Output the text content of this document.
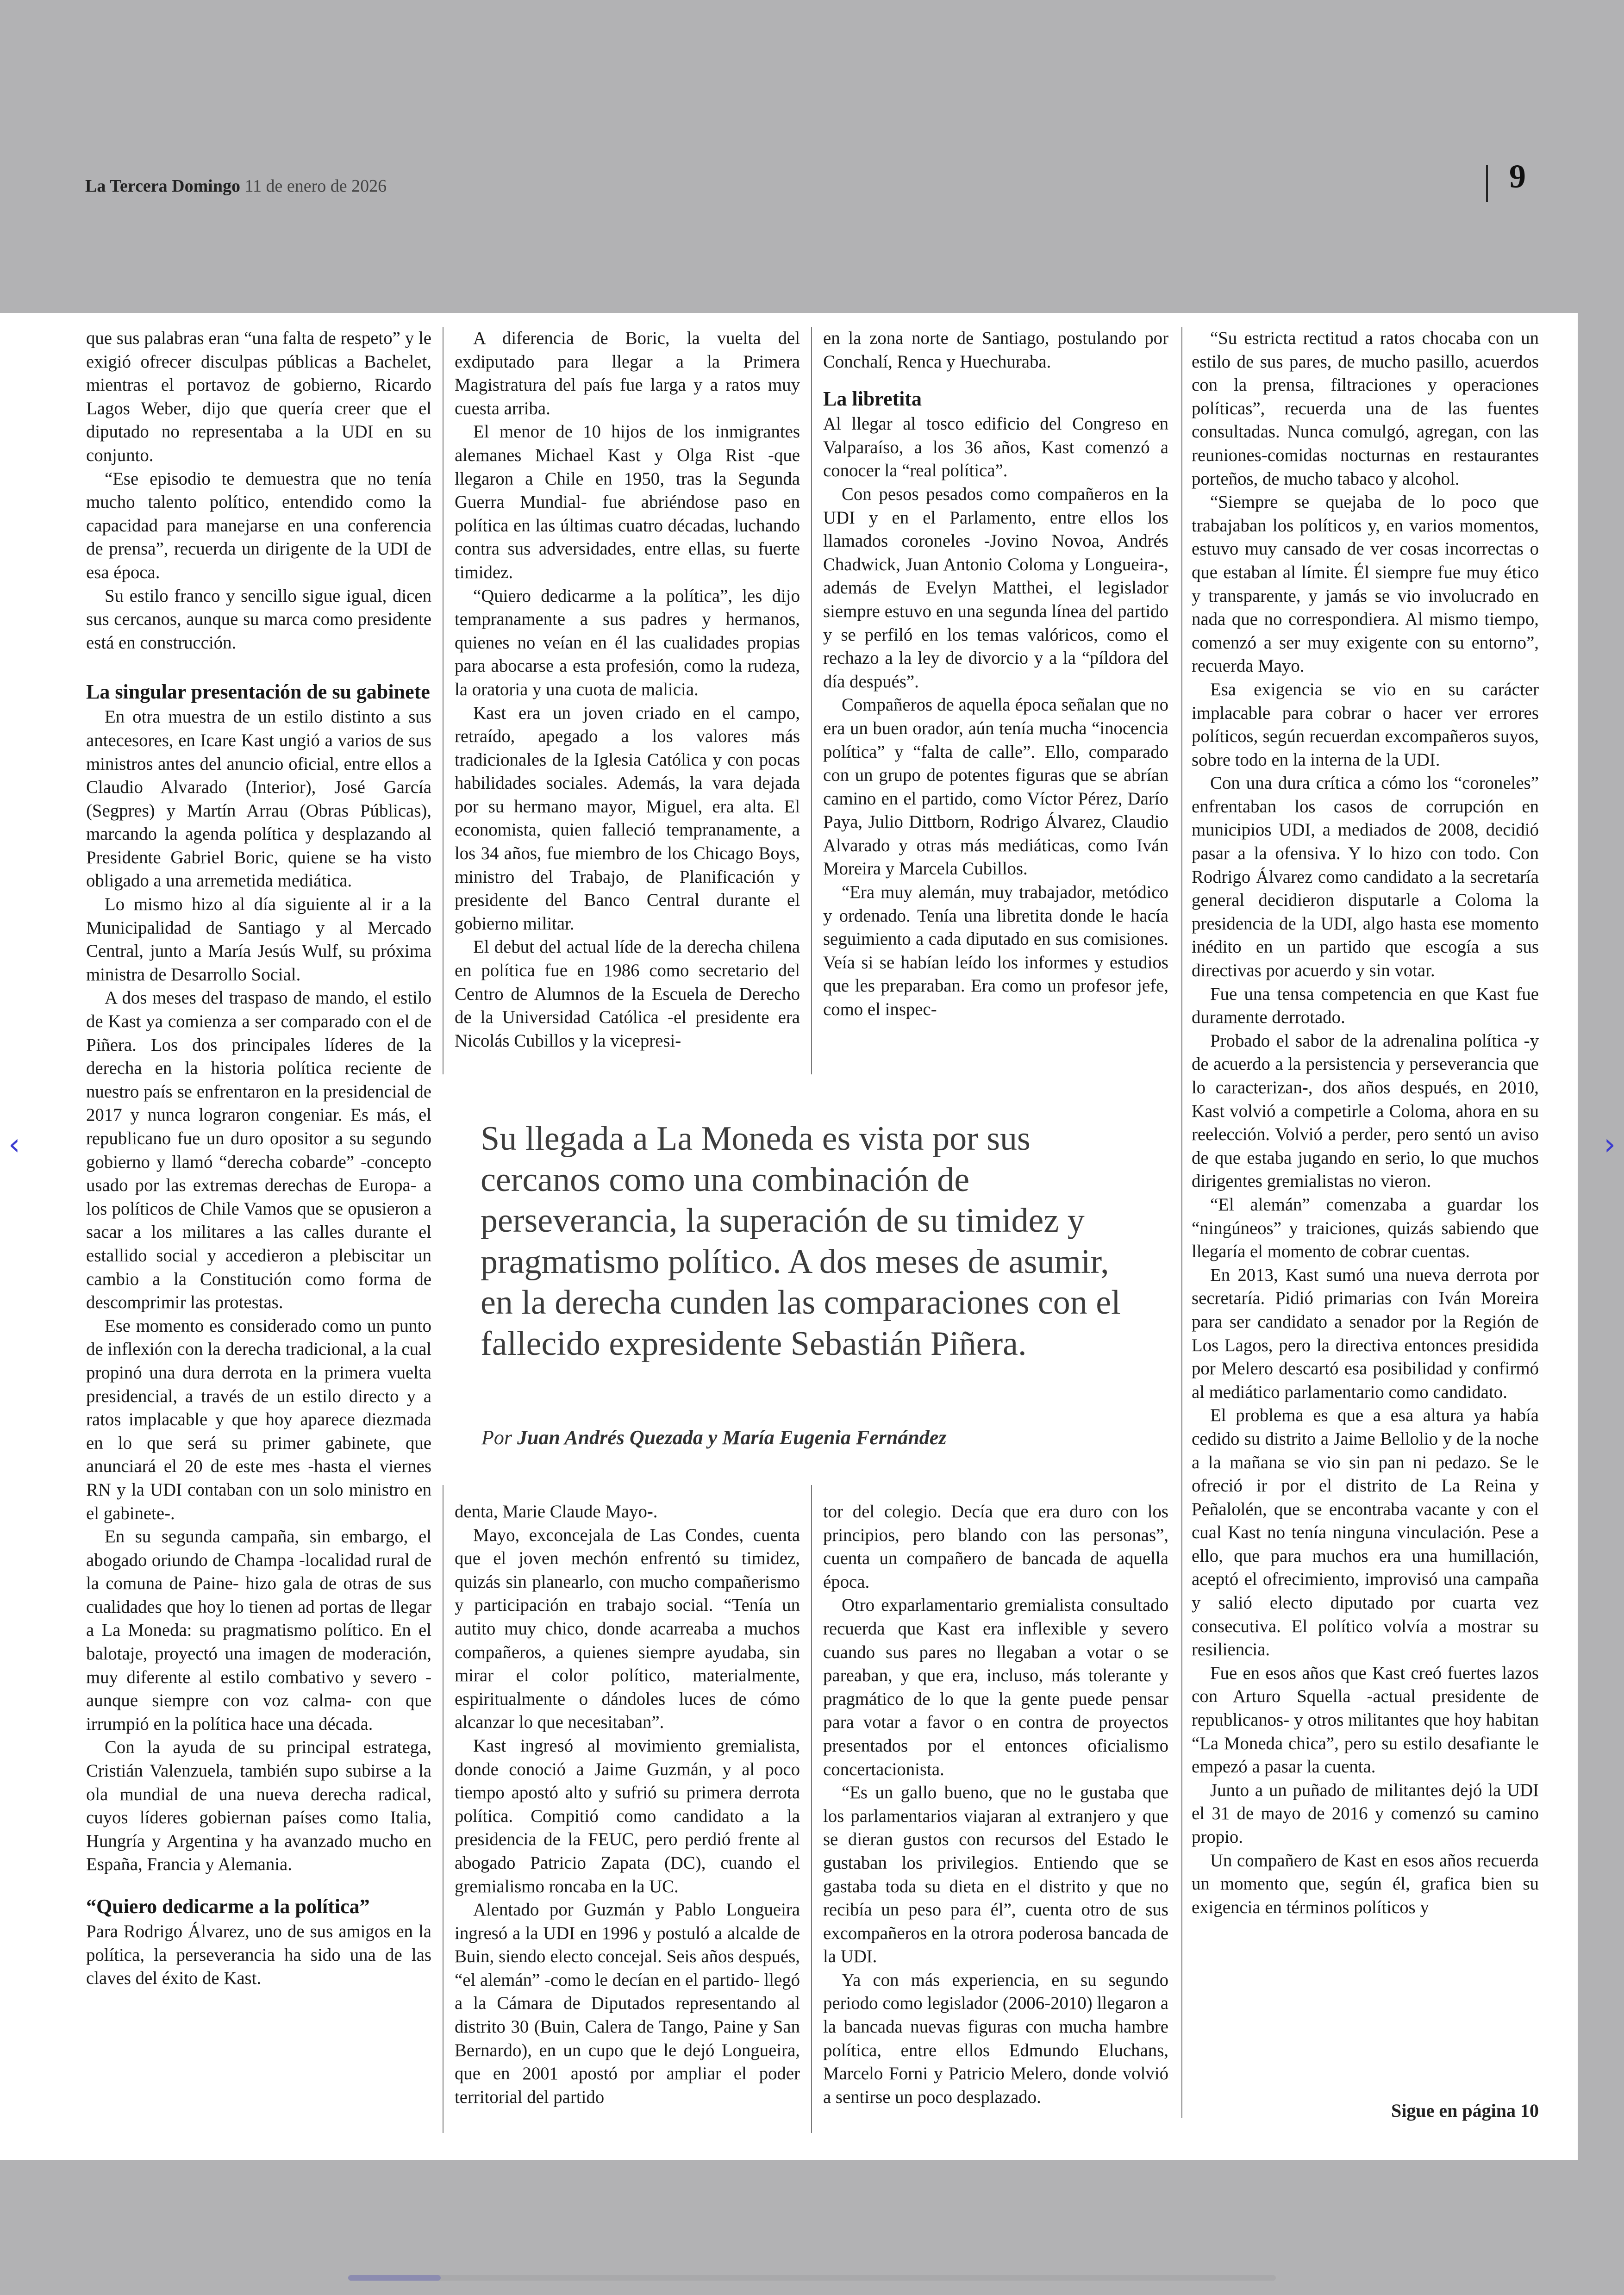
La Tercera Domingo 11 de enero de 2026	9

que sus palabras eran “una falta de respeto” y le exigió ofrecer disculpas públicas a Bachelet, mientras el portavoz de gobierno, Ricardo Lagos Weber, dijo que quería creer que el diputado no representaba a la UDI en su conjunto.

“Ese episodio te demuestra que no tenía mucho talento político, entendido como la capacidad para manejarse en una conferencia de prensa”, recuerda un dirigente de la UDI de esa época.

Su estilo franco y sencillo sigue igual, dicen sus cercanos, aunque su marca como presidente está en construcción.

La singular presentación de su gabinete

En otra muestra de un estilo distinto a sus antecesores, en Icare Kast ungió a varios de sus ministros antes del anuncio oficial, entre ellos a Claudio Alvarado (Interior), José García (Segpres) y Martín Arrau (Obras Públicas), marcando la agenda política y desplazando al Presidente Gabriel Boric, quiene se ha visto obligado a una arremetida mediática.

Lo mismo hizo al día siguiente al ir a la Municipalidad de Santiago y al Mercado Central, junto a María Jesús Wulf, su próxima ministra de Desarrollo Social.

A dos meses del traspaso de mando, el estilo de Kast ya comienza a ser comparado con el de Piñera. Los dos principales líderes de la derecha en la historia política reciente de nuestro país se enfrentaron en la presidencial de 2017 y nunca lograron congeniar. Es más, el republicano fue un duro opositor a su segundo gobierno y llamó “derecha cobarde” -concepto usado por las extremas derechas de Europa- a los políticos de Chile Vamos que se opusieron a sacar a los militares a las calles durante el estallido social y accedieron a plebiscitar un cambio a la Constitución como forma de descomprimir las protestas.

Ese momento es considerado como un punto de inflexión con la derecha tradicional, a la cual propinó una dura derrota en la primera vuelta presidencial, a través de un estilo directo y a ratos implacable y que hoy aparece diezmada en lo que será su primer gabinete, que anunciará el 20 de este mes -hasta el viernes RN y la UDI contaban con un solo ministro en el gabinete-.

En su segunda campaña, sin embargo, el abogado oriundo de Champa -localidad rural de la comuna de Paine- hizo gala de otras de sus cualidades que hoy lo tienen ad portas de llegar a La Moneda: su pragmatismo político. En el balotaje, proyectó una imagen de moderación, muy diferente al estilo combativo y severo -aunque siempre con voz calma- con que irrumpió en la política hace una década.

Con la ayuda de su principal estratega, Cristián Valenzuela, también supo subirse a la ola mundial de una nueva derecha radical, cuyos líderes gobiernan países como Italia, Hungría y Argentina y ha avanzado mucho en España, Francia y Alemania.

“Quiero dedicarme a la política”

Para Rodrigo Álvarez, uno de sus amigos en la política, la perseverancia ha sido una de las claves del éxito de Kast.

A diferencia de Boric, la vuelta del exdiputado para llegar a la Primera Magistratura del país fue larga y a ratos muy cuesta arriba.

El menor de 10 hijos de los inmigrantes alemanes Michael Kast y Olga Rist -que llegaron a Chile en 1950, tras la Segunda Guerra Mundial- fue abriéndose paso en política en las últimas cuatro décadas, luchando contra sus adversidades, entre ellas, su fuerte timidez.

“Quiero dedicarme a la política”, les dijo tempranamente a sus padres y hermanos, quienes no veían en él las cualidades propias para abocarse a esta profesión, como la rudeza, la oratoria y una cuota de malicia.

Kast era un joven criado en el campo, retraído, apegado a los valores más tradicionales de la Iglesia Católica y con pocas habilidades sociales. Además, la vara dejada por su hermano mayor, Miguel, era alta. El economista, quien falleció tempranamente, a los 34 años, fue miembro de los Chicago Boys, ministro del Trabajo, de Planificación y presidente del Banco Central durante el gobierno militar.

El debut del actual líde de la derecha chilena en política fue en 1986 como secretario del Centro de Alumnos de la Escuela de Derecho de la Universidad Católica -el presidente era Nicolás Cubillos y la vicepresi-

en la zona norte de Santiago, postulando por Conchalí, Renca y Huechuraba.

La libretita

Al llegar al tosco edificio del Congreso en Valparaíso, a los 36 años, Kast comenzó a conocer la “real política”.

Con pesos pesados como compañeros en la UDI y en el Parlamento, entre ellos los llamados coroneles -Jovino Novoa, Andrés Chadwick, Juan Antonio Coloma y Longueira-, además de Evelyn Matthei, el legislador siempre estuvo en una segunda línea del partido y se perfiló en los temas valóricos, como el rechazo a la ley de divorcio y a la “píldora del día después”.

Compañeros de aquella época señalan que no era un buen orador, aún tenía mucha “inocencia política” y “falta de calle”. Ello, comparado con un grupo de potentes figuras que se abrían camino en el partido, como Víctor Pérez, Darío Paya, Julio Dittborn, Rodrigo Álvarez, Claudio Alvarado y otras más mediáticas, como Iván Moreira y Marcela Cubillos.

“Era muy alemán, muy trabajador, metódico y ordenado. Tenía una libretita donde le hacía seguimiento a cada diputado en sus comisiones. Veía si se habían leído los informes y estudios que les preparaban. Era como un profesor jefe, como el inspec-

“Su estricta rectitud a ratos chocaba con un estilo de sus pares, de mucho pasillo, acuerdos con la prensa, filtraciones y operaciones políticas”, recuerda una de las fuentes consultadas. Nunca comulgó, agregan, con las reuniones-comidas nocturnas en restaurantes porteños, de mucho tabaco y alcohol.

“Siempre se quejaba de lo poco que trabajaban los políticos y, en varios momentos, estuvo muy cansado de ver cosas incorrectas o que estaban al límite. Él siempre fue muy ético y transparente, y jamás se vio involucrado en nada que no correspondiera. Al mismo tiempo, comenzó a ser muy exigente con su entorno”, recuerda Mayo.

Esa exigencia se vio en su carácter implacable para cobrar o hacer ver errores políticos, según recuerdan excompañeros suyos, sobre todo en la interna de la UDI.

Con una dura crítica a cómo los “coroneles” enfrentaban los casos de corrupción en municipios UDI, a mediados de 2008, decidió pasar a la ofensiva. Y lo hizo con todo. Con Rodrigo Álvarez como candidato a la secretaría general decidieron disputarle a Coloma la presidencia de la UDI, algo hasta ese momento inédito en un partido que escogía a sus directivas por acuerdo y sin votar.

Fue una tensa competencia en que Kast fue duramente derrotado.

Probado el sabor de la adrenalina política -y de acuerdo a la persistencia y perseverancia que lo caracterizan-, dos años después, en 2010, Kast volvió a competirle a Coloma, ahora en su reelección. Volvió a perder, pero sentó un aviso de que estaba jugando en serio, lo que muchos dirigentes gremialistas no vieron.

“El alemán” comenzaba a guardar los “ningúneos” y traiciones, quizás sabiendo que llegaría el momento de cobrar cuentas.

En 2013, Kast sumó una nueva derrota por secretaría. Pidió primarias con Iván Moreira para ser candidato a senador por la Región de Los Lagos, pero la directiva entonces presidida por Melero descartó esa posibilidad y confirmó al mediático parlamentario como candidato.

El problema es que a esa altura ya había cedido su distrito a Jaime Bellolio y de la noche a la mañana se vio sin pan ni pedazo. Se le ofreció ir por el distrito de La Reina y Peñalolén, que se encontraba vacante y con el cual Kast no tenía ninguna vinculación. Pese a ello, que para muchos era una humillación, aceptó el ofrecimiento, improvisó una campaña y salió electo diputado por cuarta vez consecutiva. El político volvía a mostrar su resiliencia.

Fue en esos años que Kast creó fuertes lazos con Arturo Squella -actual presidente de republicanos- y otros militantes que hoy habitan “La Moneda chica”, pero su estilo desafiante le empezó a pasar la cuenta.

Junto a un puñado de militantes dejó la UDI el 31 de mayo de 2016 y comenzó su camino propio.

Un compañero de Kast en esos años recuerda un momento que, según él, grafica bien su exigencia en términos políticos y

Su llegada a La Moneda es vista por sus cercanos como una combinación de perseverancia, la superación de su timidez y pragmatismo político. A dos meses de asumir, en la derecha cunden las comparaciones con el fallecido expresidente Sebastián Piñera.
Por Juan Andrés Quezada y María Eugenia Fernández

denta, Marie Claude Mayo-.

Mayo, exconcejala de Las Condes, cuenta que el joven mechón enfrentó su timidez, quizás sin planearlo, con mucho compañerismo y participación en trabajo social. “Tenía un autito muy chico, donde acarreaba a muchos compañeros, a quienes siempre ayudaba, sin mirar el color político, materialmente, espiritualmente o dándoles luces de cómo alcanzar lo que necesitaban”.

Kast ingresó al movimiento gremialista, donde conoció a Jaime Guzmán, y al poco tiempo apostó alto y sufrió su primera derrota política. Compitió como candidato a la presidencia de la FEUC, pero perdió frente al abogado Patricio Zapata (DC), cuando el gremialismo roncaba en la UC.

Alentado por Guzmán y Pablo Longueira ingresó a la UDI en 1996 y postuló a alcalde de Buin, siendo electo concejal. Seis años después, “el alemán” -como le decían en el partido- llegó a la Cámara de Diputados representando al distrito 30 (Buin, Calera de Tango, Paine y San Bernardo), en un cupo que le dejó Longueira, que en 2001 apostó por ampliar el poder territorial del partido

tor del colegio. Decía que era duro con los principios, pero blando con las personas”, cuenta un compañero de bancada de aquella época.

Otro exparlamentario gremialista consultado recuerda que Kast era inflexible y severo cuando sus pares no llegaban a votar o se pareaban, y que era, incluso, más tolerante y pragmático de lo que la gente puede pensar para votar a favor o en contra de proyectos presentados por el entonces oficialismo concertacionista.

“Es un gallo bueno, que no le gustaba que los parlamentarios viajaran al extranjero y que se dieran gustos con recursos del Estado le gustaban los privilegios. Entiendo que se gastaba toda su dieta en el distrito y que no recibía un peso para él”, cuenta otro de sus excompañeros en la otrora poderosa bancada de la UDI.

Ya con más experiencia, en su segundo periodo como legislador (2006-2010) llegaron a la bancada nuevas figuras con mucha hambre política, entre ellos Edmundo Eluchans, Marcelo Forni y Patricio Melero, donde volvió a sentirse un poco desplazado.

Sigue en página 10
‹	›
